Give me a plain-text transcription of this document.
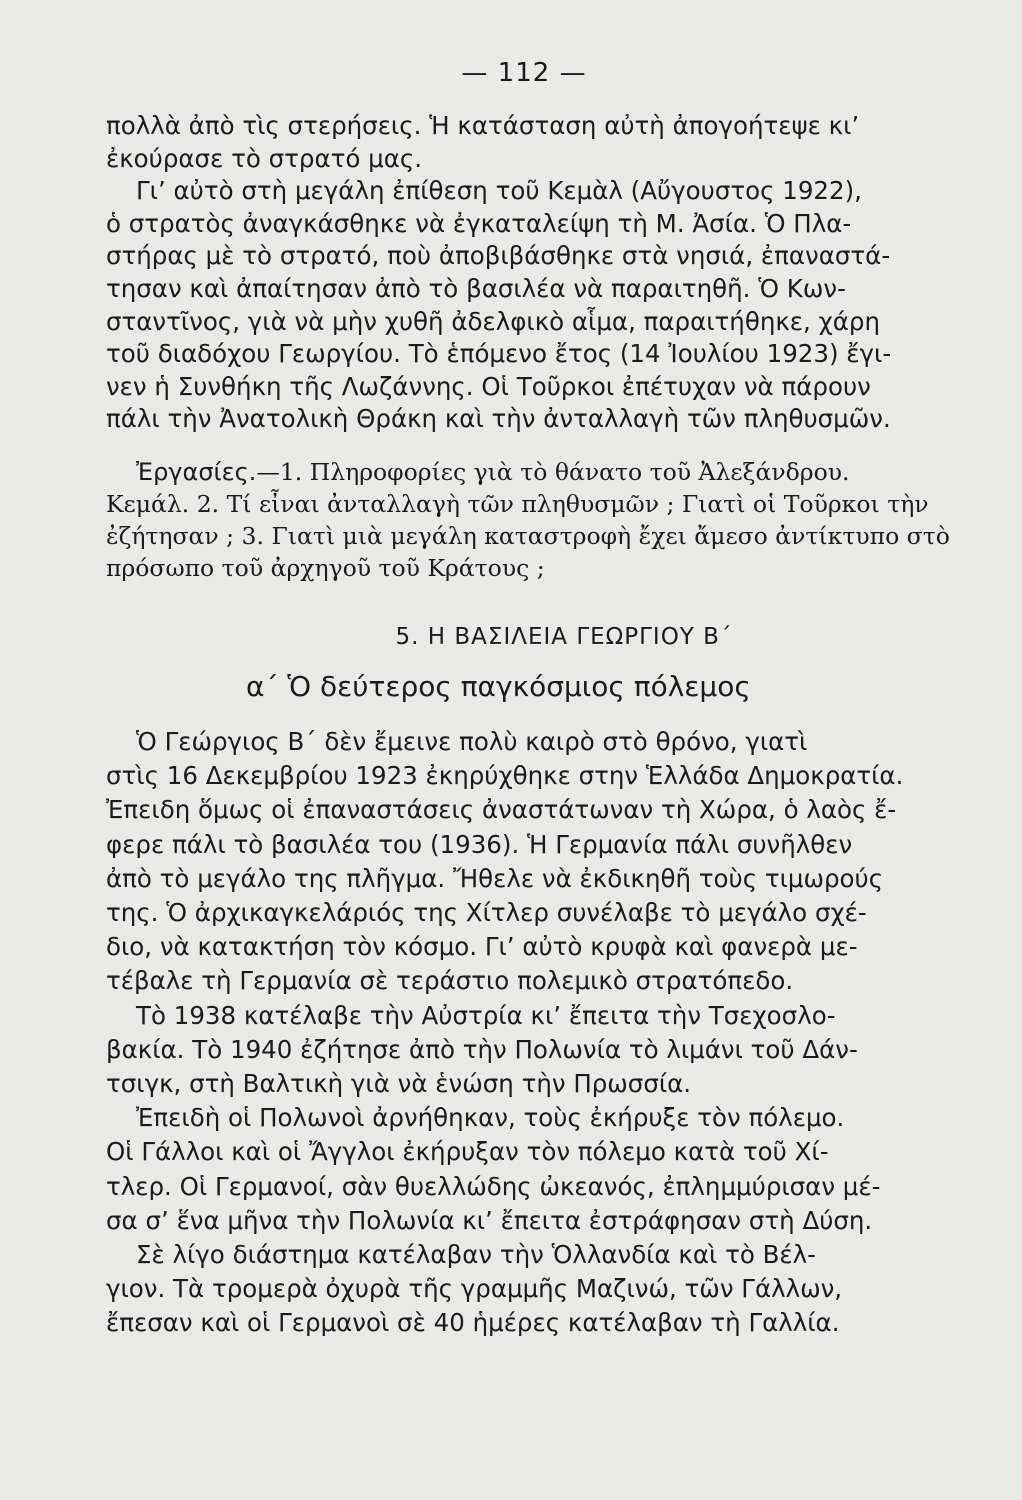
— 112 —

πολλὰ ἀπὸ τὶς στερήσεις. Ἡ κατάσταση αὐτὴ ἀπογοήτεψε κι’
ἐκούρασε τὸ στρατό μας.

Γι’ αὐτὸ στὴ μεγάλη ἐπίθεση τοῦ Κεμὰλ (Αὔγουστος 1922),
ὁ στρατὸς ἀναγκάσθηκε νὰ ἐγκαταλείψη τὴ Μ. Ἀσία. Ὁ Πλα-
στήρας μὲ τὸ στρατό, ποὺ ἀποβιβάσθηκε στὰ νησιά, ἐπαναστά-
τησαν καὶ ἀπαίτησαν ἀπὸ τὸ βασιλέα νὰ παραιτηθῆ. Ὁ Κων-
σταντῖνος, γιὰ νὰ μὴν χυθῆ ἀδελφικὸ αἷμα, παραιτήθηκε, χάρη
τοῦ διαδόχου Γεωργίου. Τὸ ἑπόμενο ἔτος (14 Ἰουλίου 1923) ἔγι-
νεν ἡ Συνθήκη τῆς Λωζάννης. Οἱ Τοῦρκοι ἐπέτυχαν νὰ πάρουν
πάλι τὴν Ἀνατολικὴ Θράκη καὶ τὴν ἀνταλλαγὴ τῶν πληθυσμῶν.

Ἐργασίες.—1. Πληροφορίες γιὰ τὸ θάνατο τοῦ Ἀλεξάνδρου.
Κεμάλ. 2. Τί εἶναι ἀνταλλαγὴ τῶν πληθυσμῶν ; Γιατὶ οἱ Τοῦρκοι τὴν
ἐζήτησαν ; 3. Γιατὶ μιὰ μεγάλη καταστροφὴ ἔχει ἄμεσο ἀντίκτυπο στὸ
πρόσωπο τοῦ ἀρχηγοῦ τοῦ Κράτους ;
5. Η ΒΑΣΙΛΕΙΑ ΓΕΩΡΓΙΟΥ Β΄
α΄ Ὁ δεύτερος παγκόσμιος πόλεμος

Ὁ Γεώργιος Β΄ δὲν ἔμεινε πολὺ καιρὸ στὸ θρόνο, γιατὶ
στὶς 16 Δεκεμβρίου 1923 ἐκηρύχθηκε στην Ἑλλάδα Δημοκρατία.
Ἐπειδη ὅμως οἱ ἐπαναστάσεις ἀναστάτωναν τὴ Χώρα, ὁ λαὸς ἔ-
φερε πάλι τὸ βασιλέα του (1936). Ἡ Γερμανία πάλι συνῆλθεν
ἀπὸ τὸ μεγάλο της πλῆγμα. Ἤθελε νὰ ἐκδικηθῆ τοὺς τιμωρούς
της. Ὁ ἀρχικαγκελάριός της Χίτλερ συνέλαβε τὸ μεγάλο σχέ-
διο, νὰ κατακτήση τὸν κόσμο. Γι’ αὐτὸ κρυφὰ καὶ φανερὰ με-
τέβαλε τὴ Γερμανία σὲ τεράστιο πολεμικὸ στρατόπεδο.

Τὸ 1938 κατέλαβε τὴν Αὐστρία κι’ ἔπειτα τὴν Τσεχοσλο-
βακία. Τὸ 1940 ἐζήτησε ἀπὸ τὴν Πολωνία τὸ λιμάνι τοῦ Δάν-
τσιγκ, στὴ Βαλτικὴ γιὰ νὰ ἑνώση τὴν Πρωσσία.

Ἐπειδὴ οἱ Πολωνοὶ ἀρνήθηκαν, τοὺς ἐκήρυξε τὸν πόλεμο.
Οἱ Γάλλοι καὶ οἱ Ἄγγλοι ἐκήρυξαν τὸν πόλεμο κατὰ τοῦ Χί-
τλερ. Οἱ Γερμανοί, σὰν θυελλώδης ὠκεανός, ἐπλημμύρισαν μέ-
σα σ’ ἕνα μῆνα τὴν Πολωνία κι’ ἔπειτα ἐστράφησαν στὴ Δύση.

Σὲ λίγο διάστημα κατέλαβαν τὴν Ὁλλανδία καὶ τὸ Βέλ-
γιον. Τὰ τρομερὰ ὀχυρὰ τῆς γραμμῆς Μαζινώ, τῶν Γάλλων,
ἔπεσαν καὶ οἱ Γερμανοὶ σὲ 40 ἡμέρες κατέλαβαν τὴ Γαλλία.
